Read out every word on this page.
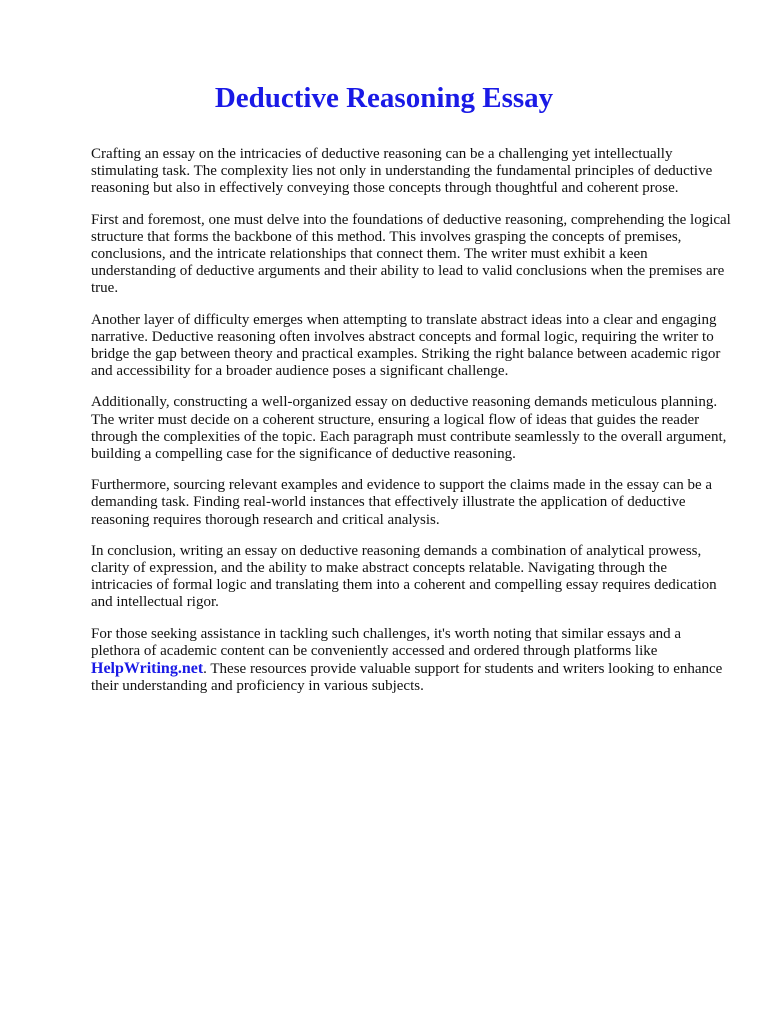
Deductive Reasoning Essay

Crafting an essay on the intricacies of deductive reasoning can be a challenging yet intellectually stimulating task. The complexity lies not only in understanding the fundamental principles of deductive reasoning but also in effectively conveying those concepts through thoughtful and coherent prose.

First and foremost, one must delve into the foundations of deductive reasoning, comprehending the logical structure that forms the backbone of this method. This involves grasping the concepts of premises, conclusions, and the intricate relationships that connect them. The writer must exhibit a keen understanding of deductive arguments and their ability to lead to valid conclusions when the premises are true.

Another layer of difficulty emerges when attempting to translate abstract ideas into a clear and engaging narrative. Deductive reasoning often involves abstract concepts and formal logic, requiring the writer to bridge the gap between theory and practical examples. Striking the right balance between academic rigor and accessibility for a broader audience poses a significant challenge.

Additionally, constructing a well-organized essay on deductive reasoning demands meticulous planning. The writer must decide on a coherent structure, ensuring a logical flow of ideas that guides the reader through the complexities of the topic. Each paragraph must contribute seamlessly to the overall argument, building a compelling case for the significance of deductive reasoning.

Furthermore, sourcing relevant examples and evidence to support the claims made in the essay can be a demanding task. Finding real-world instances that effectively illustrate the application of deductive reasoning requires thorough research and critical analysis.

In conclusion, writing an essay on deductive reasoning demands a combination of analytical prowess, clarity of expression, and the ability to make abstract concepts relatable. Navigating through the intricacies of formal logic and translating them into a coherent and compelling essay requires dedication and intellectual rigor.

For those seeking assistance in tackling such challenges, it's worth noting that similar essays and a plethora of academic content can be conveniently accessed and ordered through platforms like HelpWriting.net. These resources provide valuable support for students and writers looking to enhance their understanding and proficiency in various subjects.
